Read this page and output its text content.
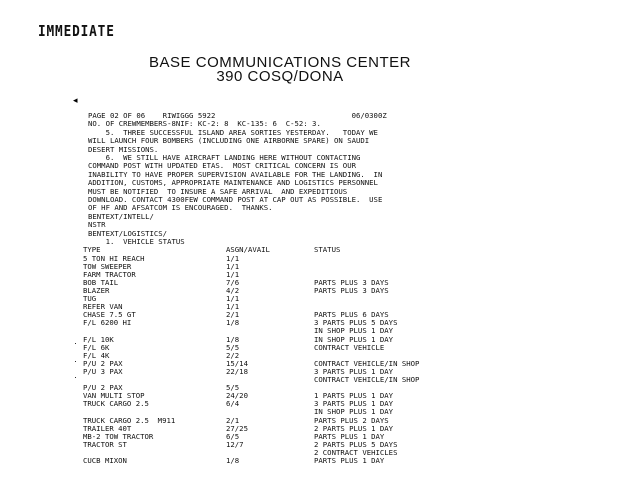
IMMEDIATE
BASE COMMUNICATIONS CENTER
390 COSQ/DONA
◂
·
·
·
PAGE 02 OF 06    RIWIGGG 5922                               06/0300Z
NO. OF CREWMEMBERS-8NIF: KC-2: 8  KC-135: 6  C-52: 3.
5.  THREE SUCCESSFUL ISLAND AREA SORTIES YESTERDAY.   TODAY WE
WILL LAUNCH FOUR BOMBERS (INCLUDING ONE AIRBORNE SPARE) ON SAUDI
DESERT MISSIONS.
6.  WE STILL HAVE AIRCRAFT LANDING HERE WITHOUT CONTACTING
COMMAND POST WITH UPDATED ETAS.  MOST CRITICAL CONCERN IS OUR
INABILITY TO HAVE PROPER SUPERVISION AVAILABLE FOR THE LANDING.  IN
ADDITION, CUSTOMS, APPROPRIATE MAINTENANCE AND LOGISTICS PERSONNEL
MUST BE NOTIFIED  TO INSURE A SAFE ARRIVAL  AND EXPEDITIOUS
DOWNLOAD. CONTACT 4300FEW COMMAND POST AT CAP OUT AS POSSIBLE.  USE
OF HF AND AFSATCOM IS ENCOURAGED.  THANKS.
BENTEXT/INTELL/
NSTR
BENTEXT/LOGISTICS/
1.  VEHICLE STATUS
TYPE	ASGN/AVAIL	STATUS
5 TON HI REACH	1/1
TOW SWEEPER	1/1
FARM TRACTOR	1/1
BOB TAIL	7/6	PARTS PLUS 3 DAYS
BLAZER	4/2	PARTS PLUS 3 DAYS
TUG	1/1
REFER VAN	1/1
CHASE 7.5 GT	2/1	PARTS PLUS 6 DAYS
F/L 6200 HI	1/8	3 PARTS PLUS 5 DAYS
IN SHOP PLUS 1 DAY
F/L 10K	1/8	IN SHOP PLUS 1 DAY
F/L 6K	5/5	CONTRACT VEHICLE
F/L 4K	2/2
P/U 2 PAX	15/14	CONTRACT VEHICLE/IN SHOP
P/U 3 PAX	22/18	3 PARTS PLUS 1 DAY
CONTRACT VEHICLE/IN SHOP
P/U 2 PAX	5/5
VAN MULTI STOP	24/20	1 PARTS PLUS 1 DAY
TRUCK CARGO 2.5	6/4	3 PARTS PLUS 1 DAY
IN SHOP PLUS 1 DAY
TRUCK CARGO 2.5  M911	2/1	PARTS PLUS 2 DAYS
TRAILER 40T	27/25	2 PARTS PLUS 1 DAY
MB-2 TOW TRACTOR	6/5	PARTS PLUS 1 DAY
TRACTOR ST	12/7	2 PARTS PLUS 5 DAYS
2 CONTRACT VEHICLES
CUCB MIXON	1/8	PARTS PLUS 1 DAY
